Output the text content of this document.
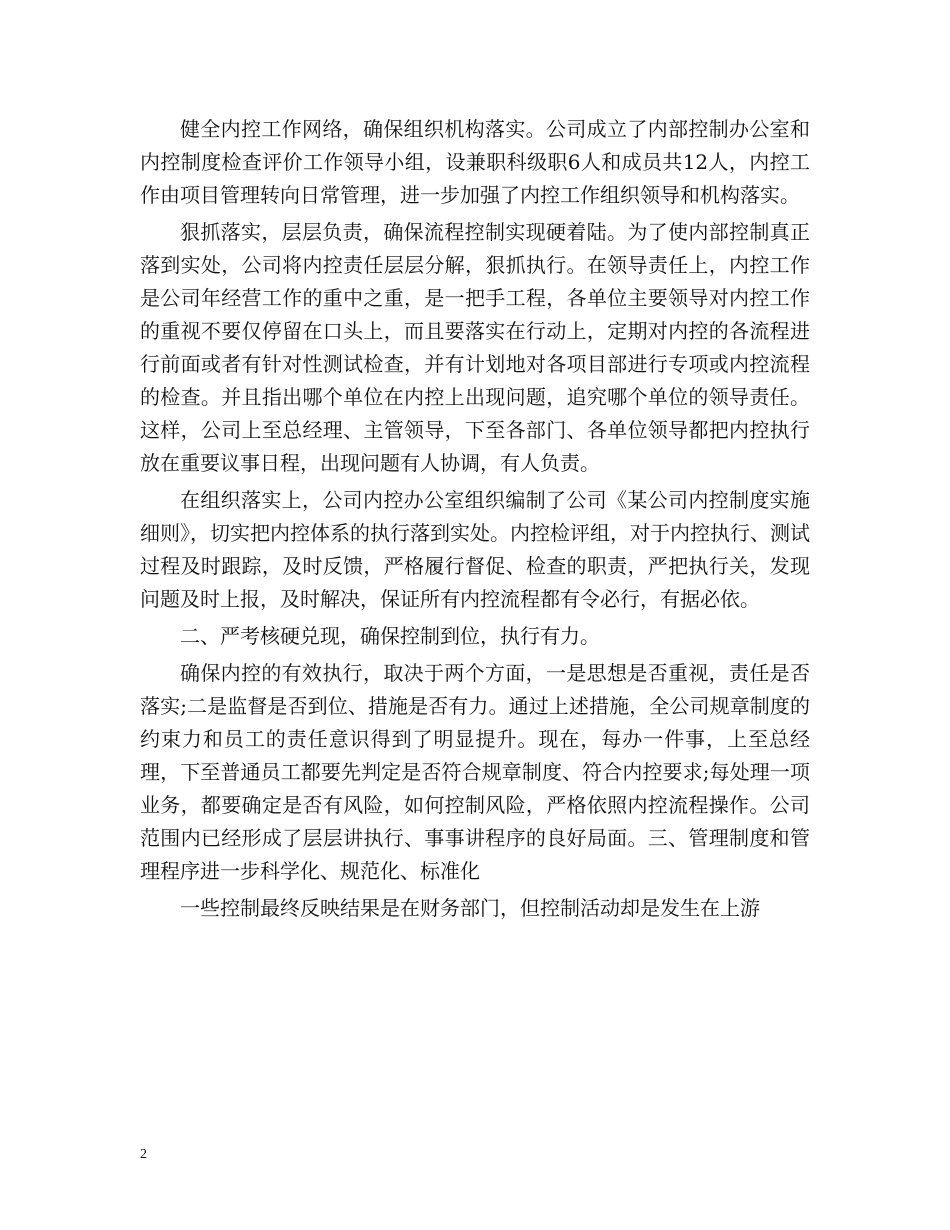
健全内控工作网络，确保组织机构落实。公司成立了内部控制办公室和内控制度检查评价工作领导小组，设兼职科级职6人和成员共12人，内控工作由项目管理转向日常管理，进一步加强了内控工作组织领导和机构落实。

狠抓落实，层层负责，确保流程控制实现硬着陆。为了使内部控制真正落到实处，公司将内控责任层层分解，狠抓执行。在领导责任上，内控工作是公司年经营工作的重中之重，是一把手工程，各单位主要领导对内控工作的重视不要仅停留在口头上，而且要落实在行动上，定期对内控的各流程进行前面或者有针对性测试检查，并有计划地对各项目部进行专项或内控流程的检查。并且指出哪个单位在内控上出现问题，追究哪个单位的领导责任。这样，公司上至总经理、主管领导，下至各部门、各单位领导都把内控执行放在重要议事日程，出现问题有人协调，有人负责。

在组织落实上，公司内控办公室组织编制了公司《某公司内控制度实施细则》，切实把内控体系的执行落到实处。内控检评组，对于内控执行、测试过程及时跟踪，及时反馈，严格履行督促、检查的职责，严把执行关，发现问题及时上报，及时解决，保证所有内控流程都有令必行，有据必依。

二、严考核硬兑现，确保控制到位，执行有力。

确保内控的有效执行，取决于两个方面，一是思想是否重视，责任是否落实;二是监督是否到位、措施是否有力。通过上述措施，全公司规章制度的约束力和员工的责任意识得到了明显提升。现在，每办一件事，上至总经理，下至普通员工都要先判定是否符合规章制度、符合内控要求;每处理一项业务，都要确定是否有风险，如何控制风险，严格依照内控流程操作。公司范围内已经形成了层层讲执行、事事讲程序的良好局面。三、管理制度和管理程序进一步科学化、规范化、标准化

一些控制最终反映结果是在财务部门，但控制活动却是发生在上游

2
